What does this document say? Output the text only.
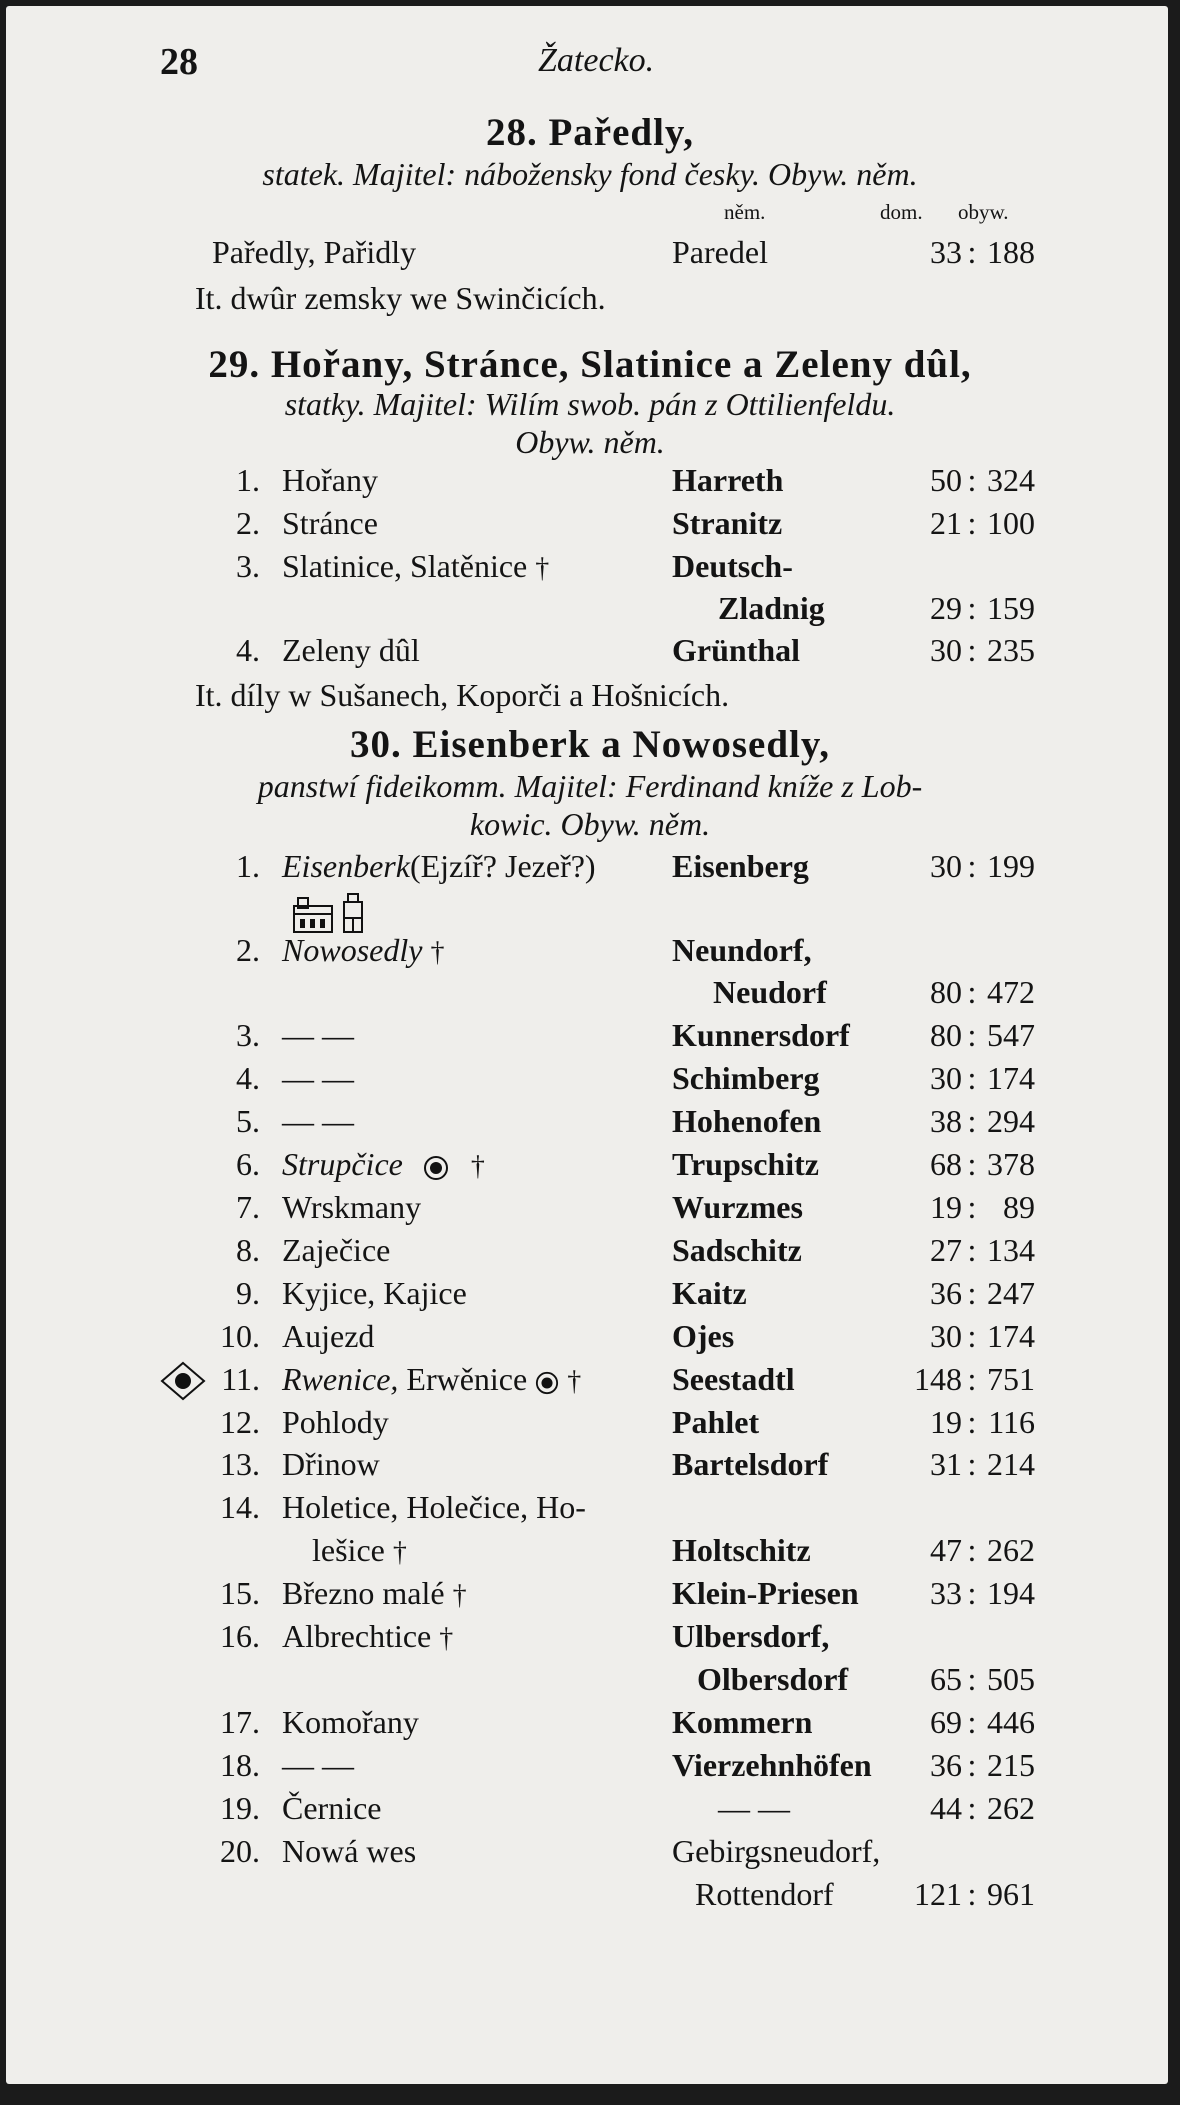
28	Žatecko.
28. Paředly,
statek. Majitel: nábožensky fond česky. Obyw. něm.
něm.	dom. obyw.
Paředly, Pařidly	Paredel	33 : 188
It. dwûr zemsky we Swinčicích.
29. Hořany, Stránce, Slatinice a Zeleny dûl,
statky. Majitel: Wilím swob. pán z Ottilienfeldu.
Obyw. něm.
1. Hořany	Harreth	50 : 324
2. Stránce	Stranitz	21 : 100
3. Slatinice, Slatěnice †	Deutsch-
Zladnig	29 : 159
4. Zeleny dûl	Grünthal	30 : 235
It. díly w Sušanech, Koporči a Hošnicích.
30. Eisenberk a Nowosedly,
panstwí fideikomm. Majitel: Ferdinand kníže z Lob-
kowic. Obyw. něm.
1. Eisenberk(Ejzíř? Jezeř?) Eisenberg	30 : 199
2. Nowosedly †	Neundorf,
Neudorf	80 : 472
3. — —	Kunnersdorf	80 : 547
4. — —	Schimberg	30 : 174
5. — —	Hohenofen	38 : 294
6. Strupčice †	Trupschitz	68 : 378
7. Wrskmany	Wurzmes	19 : 89
8. Zaječice	Sadschitz	27 : 134
9. Kyjice, Kajice	Kaitz	36 : 247
10. Aujezd	Ojes	30 : 174
11. Rwenice, Erwěnice †	Seestadtl	148 : 751
12. Pohlody	Pahlet	19 : 116
13. Dřinow	Bartelsdorf	31 : 214
14. Holetice, Holečice, Ho-
lešice †	Holtschitz	47 : 262
15. Březno malé †	Klein-Priesen 33 : 194
16. Albrechtice †	Ulbersdorf,
Olbersdorf	65 : 505
17. Komořany	Kommern	69 : 446
18. — —	Vierzehnhöfen 36 : 215
19. Černice	— —	44 : 262
20. Nowá wes	Gebirgsneudorf,
Rottendorf	121 : 961
